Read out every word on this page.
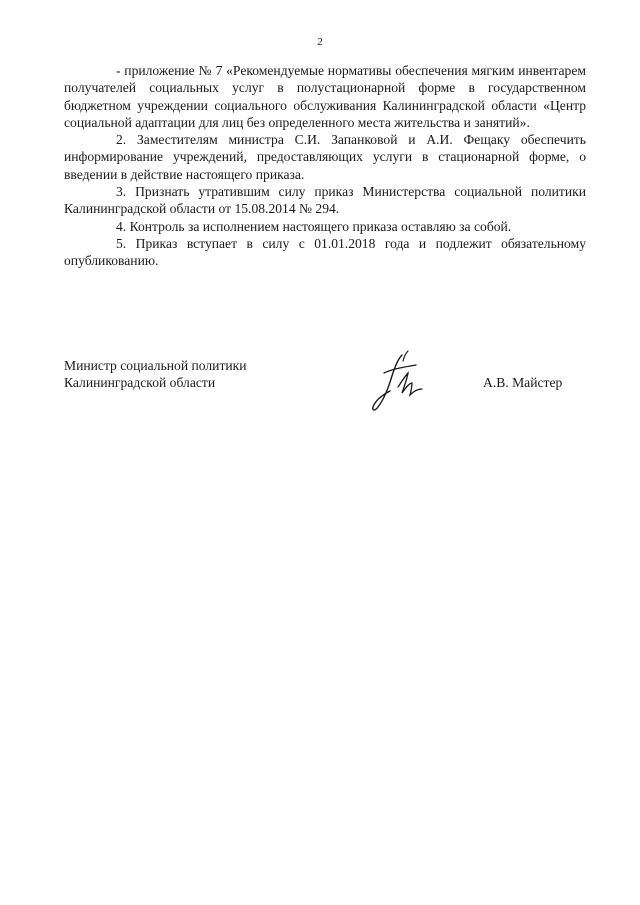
2

- приложение № 7 «Рекомендуемые нормативы обеспечения мягким инвентарем получателей социальных услуг в полустационарной форме в государственном бюджетном учреждении социального обслуживания Калининградской области «Центр социальной адаптации для лиц без определенного места жительства и занятий».

2. Заместителям министра С.И. Запанковой и А.И. Фещаку обеспечить информирование учреждений, предоставляющих услуги в стационарной форме, о введении в действие настоящего приказа.

3. Признать утратившим силу приказ Министерства социальной политики Калининградской области от 15.08.2014 № 294.

4. Контроль за исполнением настоящего приказа оставляю за собой.

5. Приказ вступает в силу с 01.01.2018 года и подлежит обязательному опубликованию.

Министр социальной политики
Калининградской области	А.В. Майстер
